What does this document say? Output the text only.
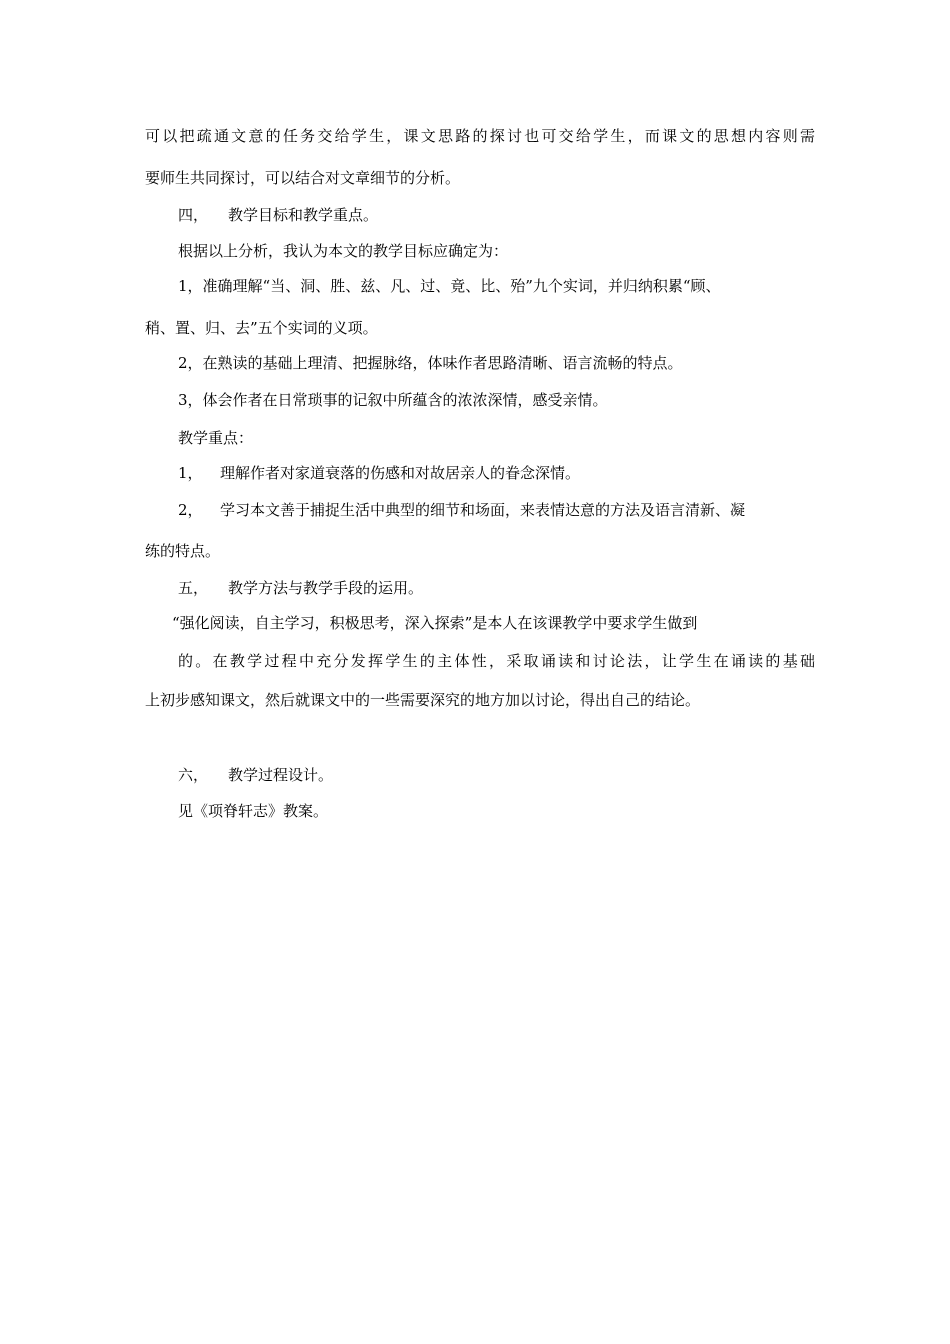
可以把疏通文意的任务交给学生，课文思路的探讨也可交给学生，而课文的思想内容则需
要师生共同探讨，可以结合对文章细节的分析。
四， 教学目标和教学重点。
根据以上分析，我认为本文的教学目标应确定为：
1，准确理解“当、洞、胜、兹、凡、过、竟、比、殆”九个实词，并归纳积累“顾、
稍、置、归、去”五个实词的义项。
2，在熟读的基础上理清、把握脉络，体味作者思路清晰、语言流畅的特点。
3，体会作者在日常琐事的记叙中所蕴含的浓浓深情，感受亲情。
教学重点：
1， 理解作者对家道衰落的伤感和对故居亲人的眷念深情。
2， 学习本文善于捕捉生活中典型的细节和场面，来表情达意的方法及语言清新、凝
练的特点。
五， 教学方法与教学手段的运用。
“强化阅读，自主学习，积极思考，深入探索”是本人在该课教学中要求学生做到
的。在教学过程中充分发挥学生的主体性，采取诵读和讨论法，让学生在诵读的基础
上初步感知课文，然后就课文中的一些需要深究的地方加以讨论，得出自己的结论。
六， 教学过程设计。
见《项脊轩志》教案。
